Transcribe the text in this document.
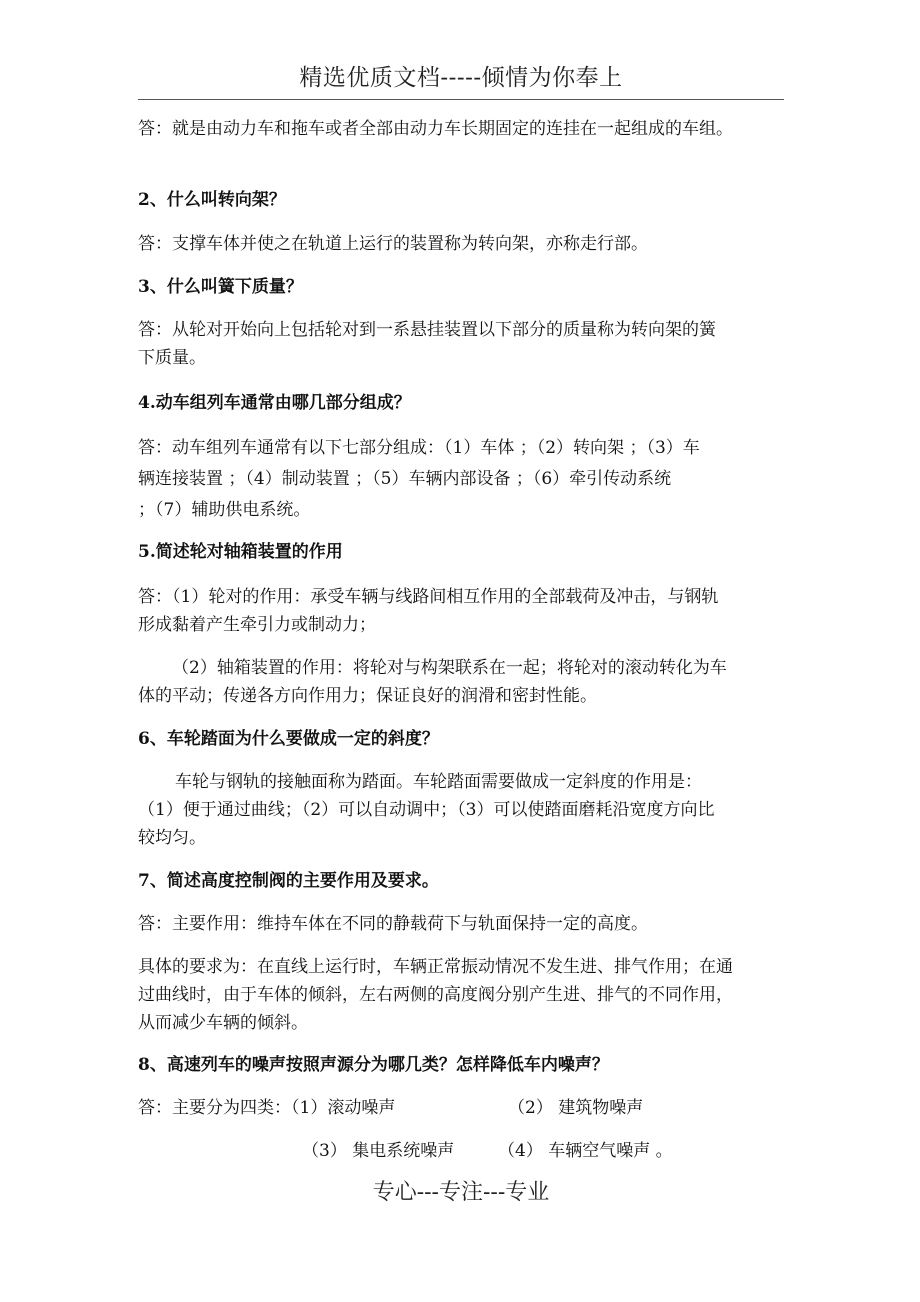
精选优质文档-----倾情为你奉上
答：就是由动力车和拖车或者全部由动力车长期固定的连挂在一起组成的车组。
2、什么叫转向架？
答：支撑车体并使之在轨道上运行的装置称为转向架，亦称走行部。
3、什么叫簧下质量？
答：从轮对开始向上包括轮对到一系悬挂装置以下部分的质量称为转向架的簧
下质量。
4.动车组列车通常由哪几部分组成？
答：动车组列车通常有以下七部分组成：（1）车体 ；（2）转向架 ；（3）车
辆连接装置 ；（4）制动装置 ；（5）车辆内部设备 ；（6）牵引传动系统
；（7）辅助供电系统。
5.简述轮对轴箱装置的作用
答：（1）轮对的作用：承受车辆与线路间相互作用的全部载荷及冲击，与钢轨
形成黏着产生牵引力或制动力；
（2）轴箱装置的作用：将轮对与构架联系在一起；将轮对的滚动转化为车
体的平动；传递各方向作用力；保证良好的润滑和密封性能。
6、车轮踏面为什么要做成一定的斜度？
车轮与钢轨的接触面称为踏面。车轮踏面需要做成一定斜度的作用是：
（1）便于通过曲线；（2）可以自动调中；（3）可以使踏面磨耗沿宽度方向比
较均匀。
7、简述高度控制阀的主要作用及要求。
答：主要作用：维持车体在不同的静载荷下与轨面保持一定的高度。
具体的要求为：在直线上运行时，车辆正常振动情况不发生进、排气作用；在通
过曲线时，由于车体的倾斜，左右两侧的高度阀分别产生进、排气的不同作用，
从而减少车辆的倾斜。
8、高速列车的噪声按照声源分为哪几类？怎样降低车内噪声？
答：主要分为四类：（1）滚动噪声	（2） 建筑物噪声
（3） 集电系统噪声	（4） 车辆空气噪声 。
专心---专注---专业
